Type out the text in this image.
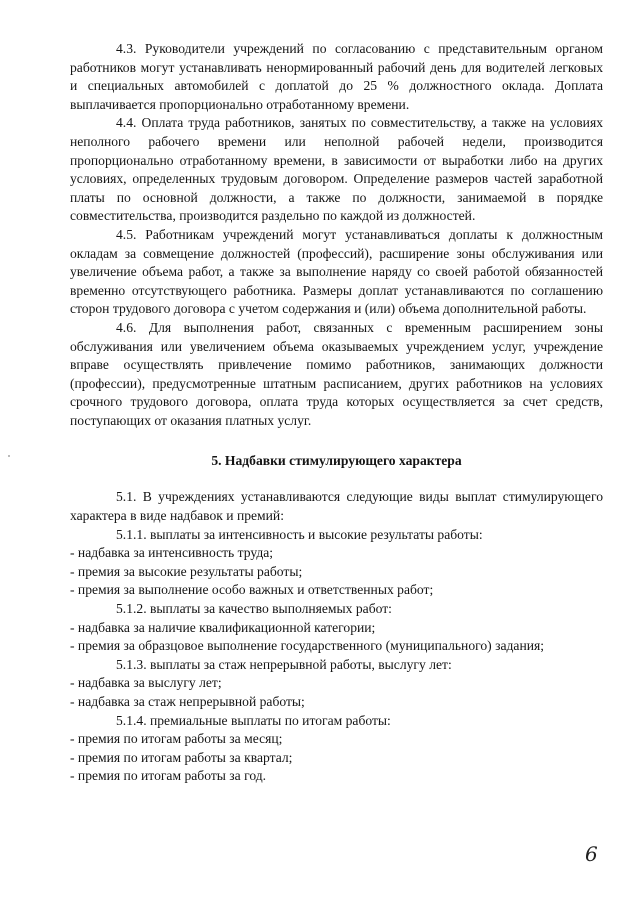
4.3. Руководители учреждений по согласованию с представительным органом работников могут устанавливать ненормированный рабочий день для водителей легковых и специальных автомобилей с доплатой до 25 % должностного оклада. Доплата выплачивается пропорционально отработанному времени.

4.4. Оплата труда работников, занятых по совместительству, а также на условиях неполного рабочего времени или неполной рабочей недели, производится пропорционально отработанному времени, в зависимости от выработки либо на других условиях, определенных трудовым договором. Определение размеров частей заработной платы по основной должности, а также по должности, занимаемой в порядке совместительства, производится раздельно по каждой из должностей.

4.5. Работникам учреждений могут устанавливаться доплаты к должностным окладам за совмещение должностей (профессий), расширение зоны обслуживания или увеличение объема работ, а также за выполнение наряду со своей работой обязанностей временно отсутствующего работника. Размеры доплат устанавливаются по соглашению сторон трудового договора с учетом содержания и (или) объема дополнительной работы.

4.6. Для выполнения работ, связанных с временным расширением зоны обслуживания или увеличением объема оказываемых учреждением услуг, учреждение вправе осуществлять привлечение помимо работников, занимающих должности (профессии), предусмотренные штатным расписанием, других работников на условиях срочного трудового договора, оплата труда которых осуществляется за счет средств, поступающих от оказания платных услуг.

5. Надбавки стимулирующего характера

5.1. В учреждениях устанавливаются следующие виды выплат стимулирующего характера в виде надбавок и премий:

5.1.1. выплаты за интенсивность и высокие результаты работы:

- надбавка за интенсивность труда;

- премия за высокие результаты работы;

- премия за выполнение особо важных и ответственных работ;

5.1.2. выплаты за качество выполняемых работ:

- надбавка за наличие квалификационной категории;

- премия за образцовое выполнение государственного (муниципального) задания;

5.1.3. выплаты за стаж непрерывной работы, выслугу лет:

- надбавка за выслугу лет;

- надбавка за стаж непрерывной работы;

5.1.4. премиальные выплаты по итогам работы:

- премия по итогам работы за месяц;

- премия по итогам работы за квартал;

- премия по итогам работы за год.

6
